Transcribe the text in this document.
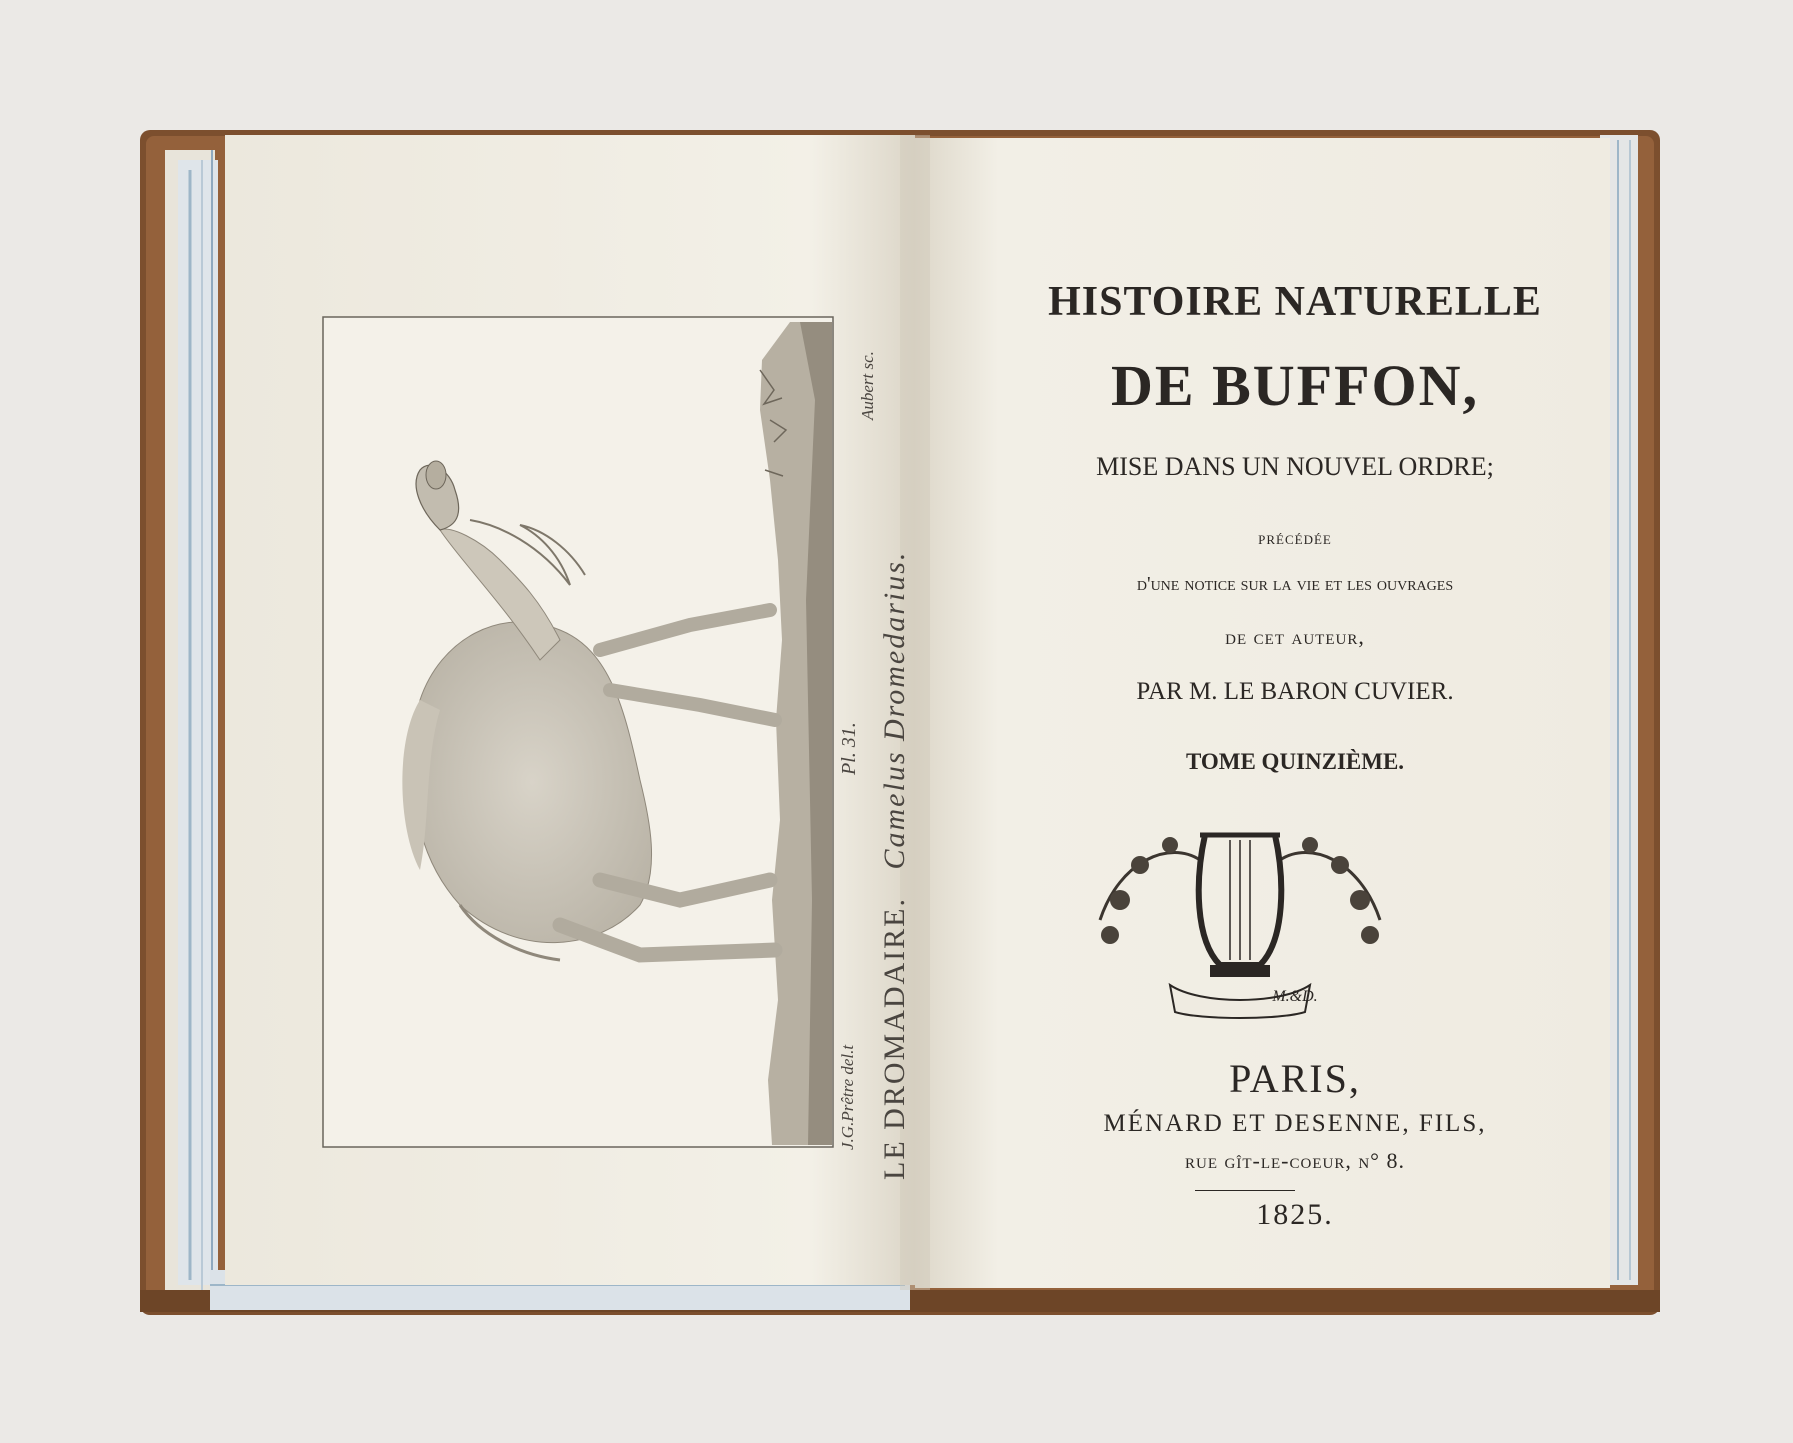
LE DROMADAIRE. Camelus Dromedarius.
Pl. 31.
J.G.Prêtre del.t
Aubert sc.
HISTOIRE NATURELLE
DE BUFFON,
MISE DANS UN NOUVEL ORDRE;
précédée
d'une notice sur la vie et les ouvrages
de cet auteur,
PAR M. LE BARON CUVIER.
TOME QUINZIÈME.
M.&D.
PARIS,
MÉNARD ET DESENNE, FILS,
rue gît-le-coeur, n° 8.
1825.
